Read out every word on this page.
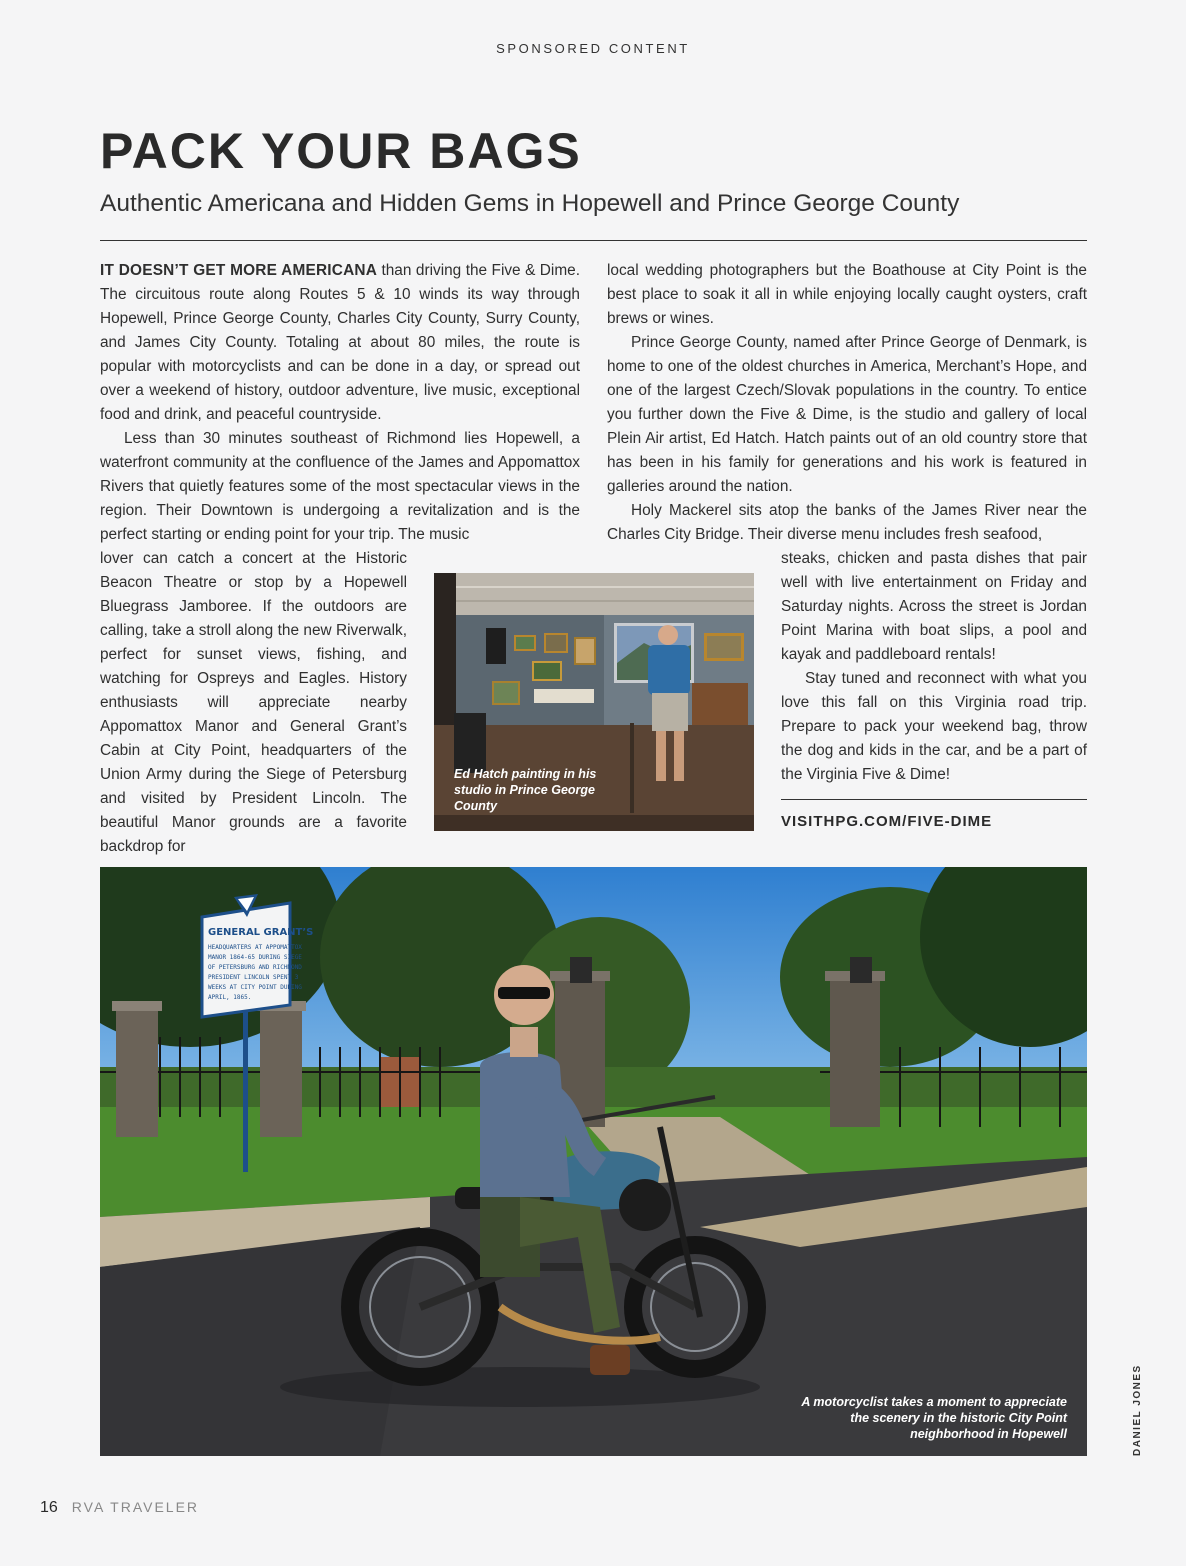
SPONSORED CONTENT
PACK YOUR BAGS
Authentic Americana and Hidden Gems in Hopewell and Prince George County

IT DOESN’T GET MORE AMERICANA than driving the Five & Dime. The circuitous route along Routes 5 & 10 winds its way through Hopewell, Prince George County, Charles City County, Surry County, and James City County. Totaling at about 80 miles, the route is popular with motorcyclists and can be done in a day, or spread out over a weekend of history, outdoor adventure, live music, exceptional food and drink, and peaceful countryside.

Less than 30 minutes southeast of Richmond lies Hopewell, a waterfront community at the confluence of the James and Appomattox Rivers that quietly features some of the most spectacular views in the region. Their Downtown is undergoing a revitalization and is the perfect starting or ending point for your trip. The music

lover can catch a concert at the Historic Beacon Theatre or stop by a Hopewell Bluegrass Jamboree. If the outdoors are calling, take a stroll along the new Riverwalk, perfect for sunset views, fishing, and watching for Ospreys and Eagles. History enthusiasts will appreciate nearby Appomattox Manor and General Grant’s Cabin at City Point, headquarters of the Union Army during the Siege of Petersburg and visited by President Lincoln. The beautiful Manor grounds are a favorite backdrop for

local wedding photographers but the Boathouse at City Point is the best place to soak it all in while enjoying locally caught oysters, craft brews or wines.

Prince George County, named after Prince George of Denmark, is home to one of the oldest churches in America, Merchant’s Hope, and one of the largest Czech/Slovak populations in the country. To entice you further down the Five & Dime, is the studio and gallery of local Plein Air artist, Ed Hatch. Hatch paints out of an old country store that has been in his family for generations and his work is featured in galleries around the nation.

Holy Mackerel sits atop the banks of the James River near the Charles City Bridge. Their diverse menu includes fresh seafood,

steaks, chicken and pasta dishes that pair well with live entertainment on Friday and Saturday nights. Across the street is Jordan Point Marina with boat slips, a pool and kayak and paddleboard rentals!

Stay tuned and reconnect with what you love this fall on this Virginia road trip. Prepare to pack your weekend bag, throw the dog and kids in the car, and be a part of the Virginia Five & Dime!

Ed Hatch painting in his studio in Prince George County
VISITHPG.COM/FIVE-DIME
GENERAL GRANT’S
HEADQUARTERS AT APPOMATTOX
MANOR 1864-65 DURING SIEGE
OF PETERSBURG AND RICHMOND
PRESIDENT LINCOLN SPENT 3
WEEKS AT CITY POINT DURING
APRIL, 1865.
A motorcyclist takes a moment to appreciate the scenery in the historic City Point neighborhood in Hopewell	DANIEL JONES
16 RVA TRAVELER
